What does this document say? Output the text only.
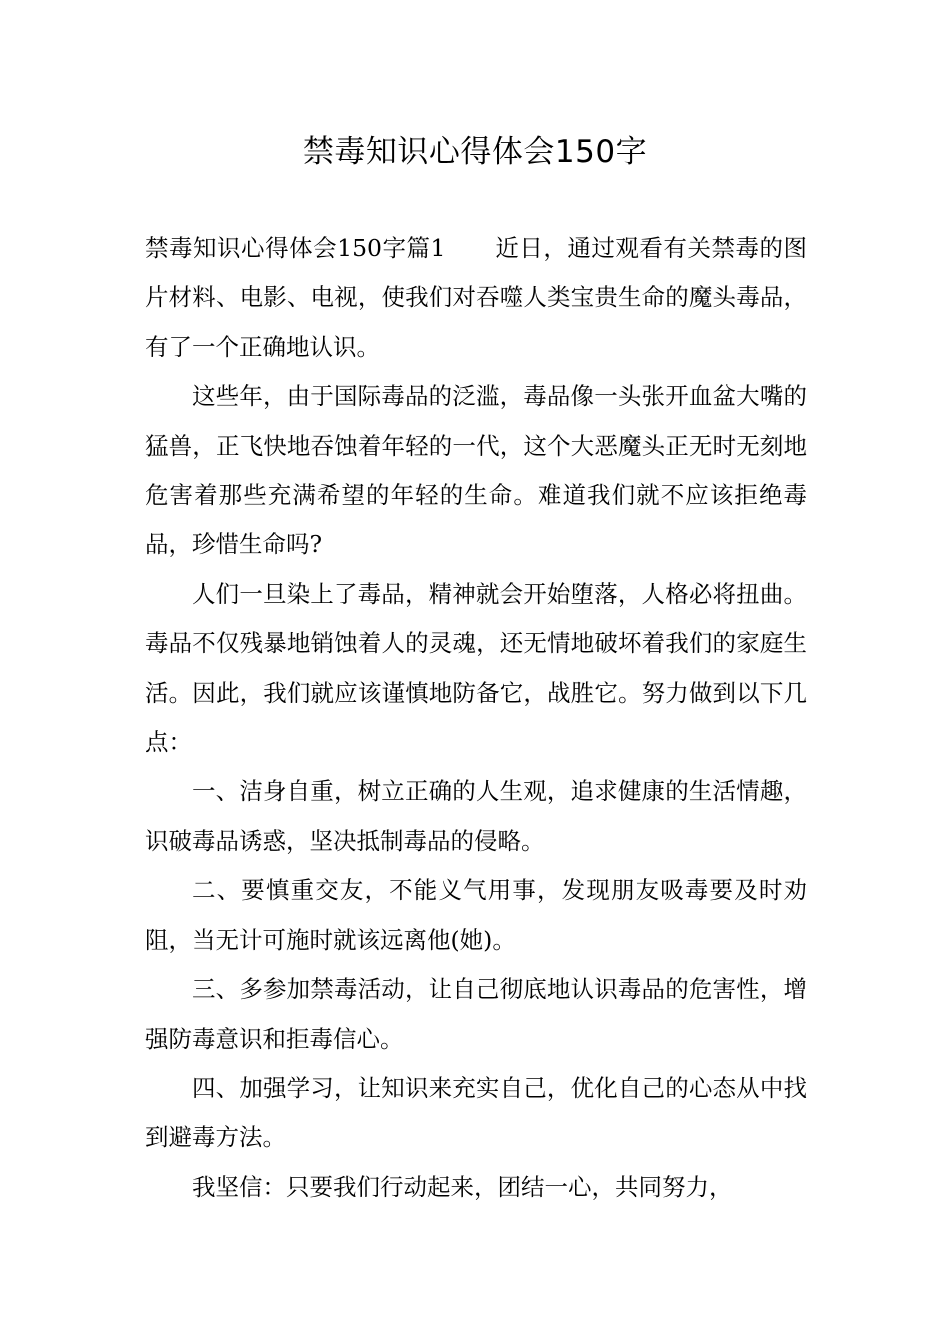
禁毒知识心得体会150字

禁毒知识心得体会150字篇1 近日，通过观看有关禁毒的图片材料、电影、电视，使我们对吞噬人类宝贵生命的魔头毒品，有了一个正确地认识。

这些年，由于国际毒品的泛滥，毒品像一头张开血盆大嘴的猛兽，正飞快地吞蚀着年轻的一代，这个大恶魔头正无时无刻地危害着那些充满希望的年轻的生命。难道我们就不应该拒绝毒品，珍惜生命吗?

人们一旦染上了毒品，精神就会开始堕落，人格必将扭曲。毒品不仅残暴地销蚀着人的灵魂，还无情地破坏着我们的家庭生活。因此，我们就应该谨慎地防备它，战胜它。努力做到以下几点：

一、洁身自重，树立正确的人生观，追求健康的生活情趣，识破毒品诱惑，坚决抵制毒品的侵略。

二、要慎重交友，不能义气用事，发现朋友吸毒要及时劝阻，当无计可施时就该远离他(她)。

三、多参加禁毒活动，让自己彻底地认识毒品的危害性，增强防毒意识和拒毒信心。

四、加强学习，让知识来充实自己，优化自己的心态从中找到避毒方法。

我坚信：只要我们行动起来，团结一心，共同努力，
